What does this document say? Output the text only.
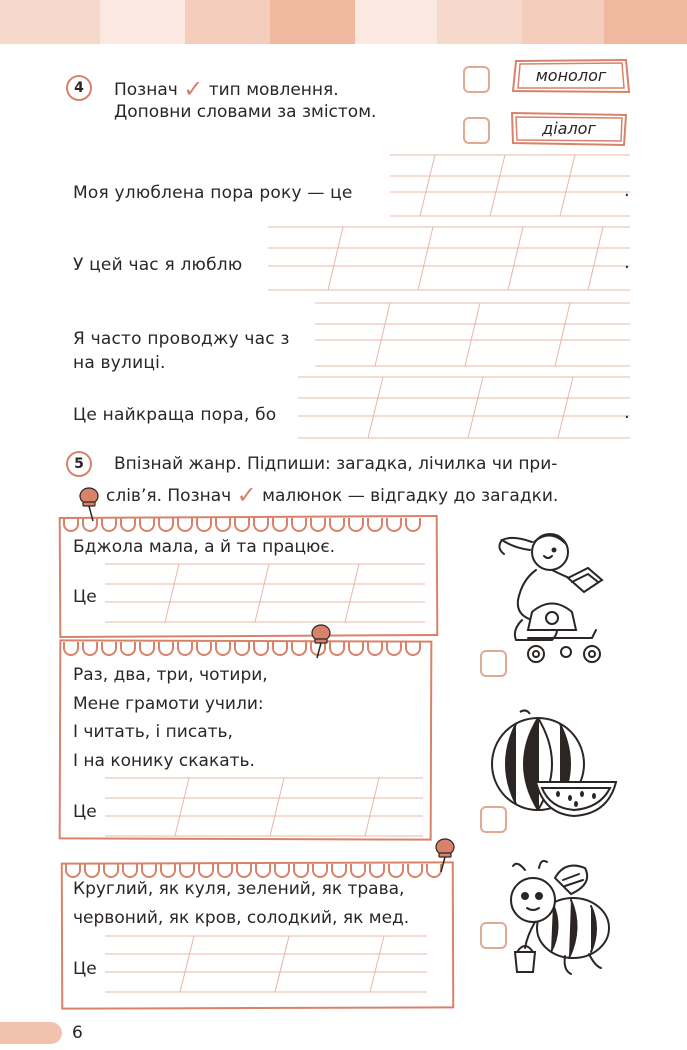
4	Познач ✓ тип мовлення.
Доповни словами за змістом.
монолог
діалог
Моя улюблена пора року — це	.
У цей час я люблю	.
Я часто проводжу час з
на вулиці.
Це найкраща пора, бо	.
5	Впізнай жанр. Підпиши: загадка, лічилка чи при-
слів’я. Познач ✓ малюнок — відгадку до загадки.
Бджола мала, а й та працює.
Це
Раз, два, три, чотири,
Мене грамоти учили:
І читать, і писать,
І на конику скакать.
Це
Круглий, як куля, зелений, як трава,
червоний, як кров, солодкий, як мед.
Це
6
